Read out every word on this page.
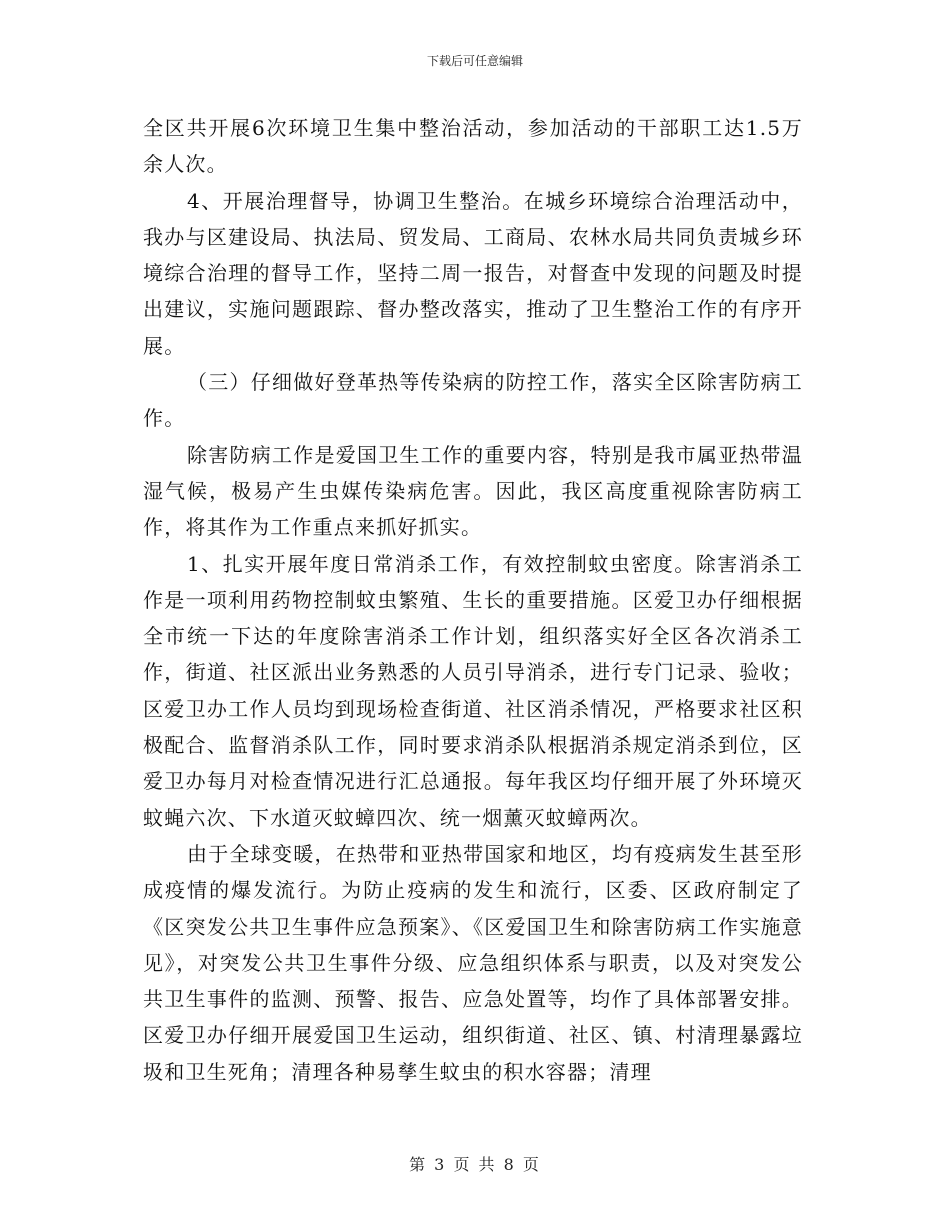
下载后可任意编辑

全区共开展6次环境卫生集中整治活动，参加活动的干部职工达1.5万余人次。

4、开展治理督导，协调卫生整治。在城乡环境综合治理活动中，我办与区建设局、执法局、贸发局、工商局、农林水局共同负责城乡环境综合治理的督导工作，坚持二周一报告，对督查中发现的问题及时提出建议，实施问题跟踪、督办整改落实，推动了卫生整治工作的有序开展。

（三）仔细做好登革热等传染病的防控工作，落实全区除害防病工作。

除害防病工作是爱国卫生工作的重要内容，特别是我市属亚热带温湿气候，极易产生虫媒传染病危害。因此，我区高度重视除害防病工作，将其作为工作重点来抓好抓实。

1、扎实开展年度日常消杀工作，有效控制蚊虫密度。除害消杀工作是一项利用药物控制蚊虫繁殖、生长的重要措施。区爱卫办仔细根据全市统一下达的年度除害消杀工作计划，组织落实好全区各次消杀工作，街道、社区派出业务熟悉的人员引导消杀，进行专门记录、验收；区爱卫办工作人员均到现场检查街道、社区消杀情况，严格要求社区积极配合、监督消杀队工作，同时要求消杀队根据消杀规定消杀到位，区爱卫办每月对检查情况进行汇总通报。每年我区均仔细开展了外环境灭蚊蝇六次、下水道灭蚊蟑四次、统一烟薰灭蚊蟑两次。

由于全球变暖，在热带和亚热带国家和地区，均有疫病发生甚至形成疫情的爆发流行。为防止疫病的发生和流行，区委、区政府制定了《区突发公共卫生事件应急预案》、《区爱国卫生和除害防病工作实施意见》，对突发公共卫生事件分级、应急组织体系与职责，以及对突发公共卫生事件的监测、预警、报告、应急处置等，均作了具体部署安排。区爱卫办仔细开展爱国卫生运动，组织街道、社区、镇、村清理暴露垃圾和卫生死角；清理各种易孳生蚊虫的积水容器；清理

第 3 页 共 8 页
